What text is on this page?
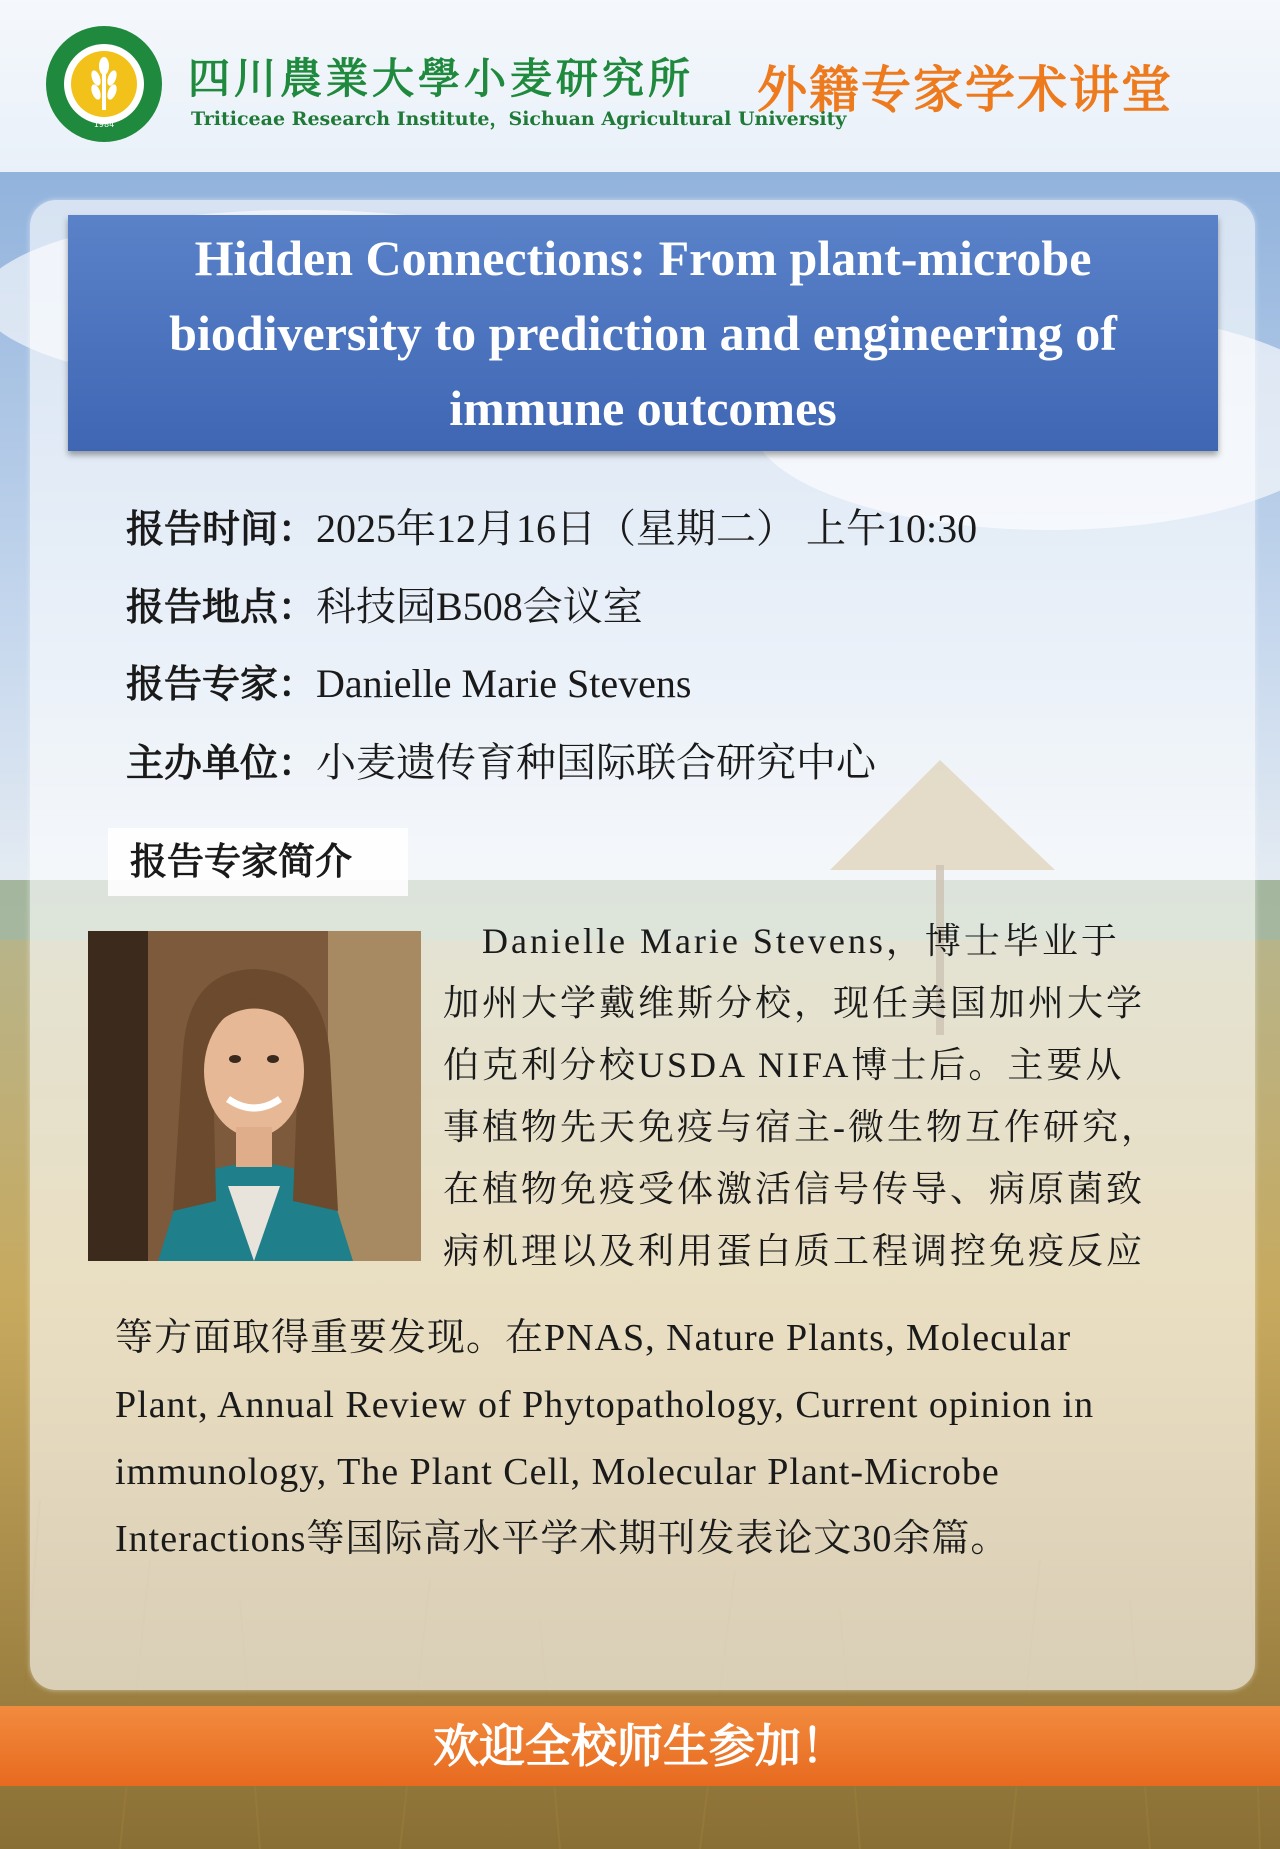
1984
四川農業大學小麦研究所
Triticeae Research Institute，Sichuan Agricultural University
外籍专家学术讲堂
Hidden Connections: From plant-microbe biodiversity to prediction and engineering of immune outcomes
报告时间：2025年12月16日（星期二） 上午10:30
报告地点：科技园B508会议室
报告专家：Danielle Marie Stevens
主办单位：小麦遗传育种国际联合研究中心
报告专家简介
　Danielle Marie Stevens，博士毕业于
加州大学戴维斯分校，现任美国加州大学
伯克利分校USDA NIFA博士后。主要从
事植物先天免疫与宿主-微生物互作研究，
在植物免疫受体激活信号传导、病原菌致
病机理以及利用蛋白质工程调控免疫反应
等方面取得重要发现。在PNAS, Nature Plants, Molecular
Plant, Annual Review of Phytopathology, Current opinion in
immunology, The Plant Cell, Molecular Plant-Microbe
Interactions等国际高水平学术期刊发表论文30余篇。
欢迎全校师生参加！
